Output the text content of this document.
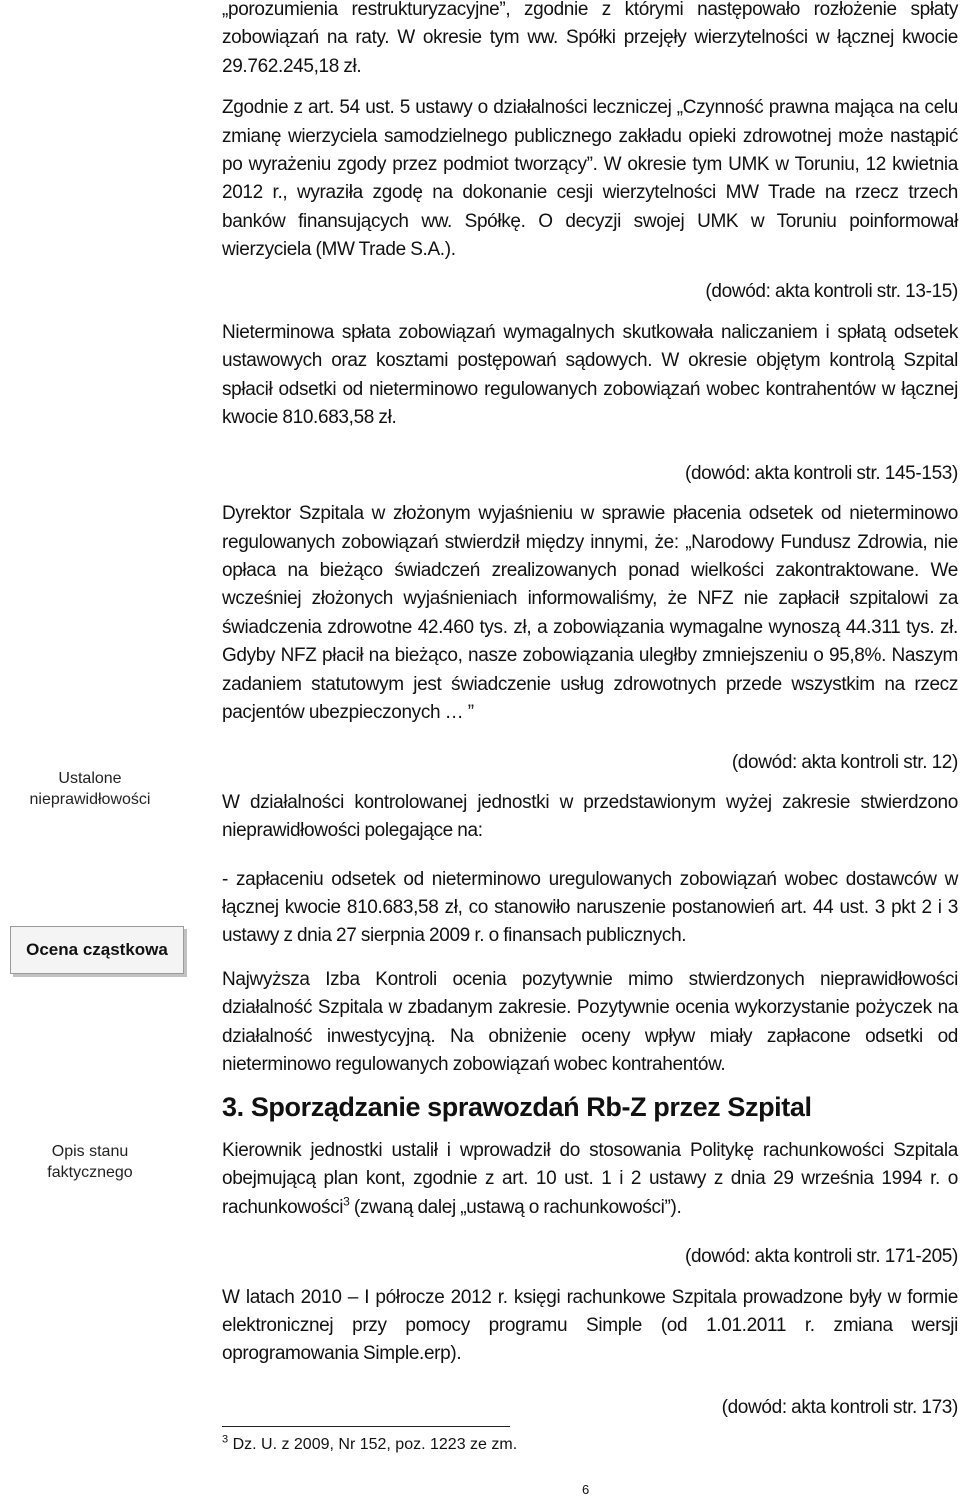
„porozumienia restrukturyzacyjne”, zgodnie z którymi następowało rozłożenie spłaty zobowiązań na raty. W okresie tym ww. Spółki przejęły wierzytelności w łącznej kwocie 29.762.245,18 zł.

Zgodnie z art. 54 ust. 5 ustawy o działalności leczniczej „Czynność prawna mająca na celu zmianę wierzyciela samodzielnego publicznego zakładu opieki zdrowotnej może nastąpić po wyrażeniu zgody przez podmiot tworzący”. W okresie tym UMK w Toruniu, 12 kwietnia 2012 r., wyraziła zgodę na dokonanie cesji wierzytelności MW Trade na rzecz trzech banków finansujących ww. Spółkę. O decyzji swojej UMK w Toruniu poinformował wierzyciela (MW Trade S.A.).

(dowód: akta kontroli str. 13-15)

Nieterminowa spłata zobowiązań wymagalnych skutkowała naliczaniem i spłatą odsetek ustawowych oraz kosztami postępowań sądowych. W okresie objętym kontrolą Szpital spłacił odsetki od nieterminowo regulowanych zobowiązań wobec kontrahentów w łącznej kwocie 810.683,58 zł.

(dowód: akta kontroli str. 145-153)

Dyrektor Szpitala w złożonym wyjaśnieniu w sprawie płacenia odsetek od nieterminowo regulowanych zobowiązań stwierdził między innymi, że: „Narodowy Fundusz Zdrowia, nie opłaca na bieżąco świadczeń zrealizowanych ponad wielkości zakontraktowane. We wcześniej złożonych wyjaśnieniach informowaliśmy, że NFZ nie zapłacił szpitalowi za świadczenia zdrowotne 42.460 tys. zł, a zobowiązania wymagalne wynoszą 44.311 tys. zł. Gdyby NFZ płacił na bieżąco, nasze zobowiązania uległby zmniejszeniu o 95,8%. Naszym zadaniem statutowym jest świadczenie usług zdrowotnych przede wszystkim na rzecz pacjentów ubezpieczonych … ”

(dowód: akta kontroli str. 12)

W działalności kontrolowanej jednostki w przedstawionym wyżej zakresie stwierdzono nieprawidłowości polegające na:

- zapłaceniu odsetek od nieterminowo uregulowanych zobowiązań wobec dostawców w łącznej kwocie 810.683,58 zł, co stanowiło naruszenie postanowień art. 44 ust. 3 pkt 2 i 3 ustawy z dnia 27 sierpnia 2009 r. o finansach publicznych.

Najwyższa Izba Kontroli ocenia pozytywnie mimo stwierdzonych nieprawidłowości działalność Szpitala w zbadanym zakresie. Pozytywnie ocenia wykorzystanie pożyczek na działalność inwestycyjną. Na obniżenie oceny wpływ miały zapłacone odsetki od nieterminowo regulowanych zobowiązań wobec kontrahentów.

Ustalone nieprawidłowości
Ocena cząstkowa
Opis stanu faktycznego
3. Sporządzanie sprawozdań Rb-Z przez Szpital

Kierownik jednostki ustalił i wprowadził do stosowania Politykę rachunkowości Szpitala obejmującą plan kont, zgodnie z art. 10 ust. 1 i 2 ustawy z dnia 29 września 1994 r. o rachunkowości$^3$ (zwaną dalej „ustawą o rachunkowości”).

(dowód: akta kontroli str. 171-205)

W latach 2010 – I półrocze 2012 r. księgi rachunkowe Szpitala prowadzone były w formie elektronicznej przy pomocy programu Simple (od 1.01.2011 r. zmiana wersji oprogramowania Simple.erp).

(dowód: akta kontroli str. 173)

$^3$ Dz. U. z 2009, Nr 152, poz. 1223 ze zm.
6
